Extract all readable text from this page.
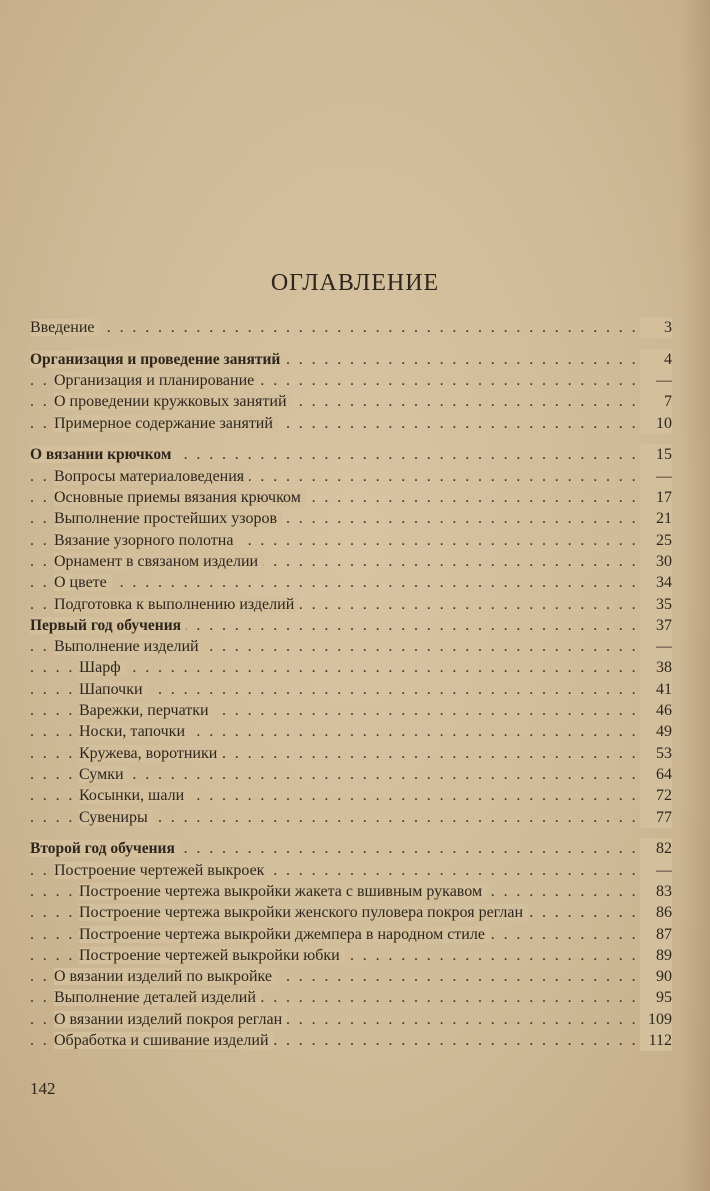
ОГЛАВЛЕНИЕ
Введение	3
. . .
Организация и проведение занятий	4
. . .
Организация и планирование	—
. . .
О проведении кружковых занятий	7
. . .
Примерное содержание занятий	10
. . .
О вязании крючком	15
. . .
Вопросы материаловедения	—
. . .
Основные приемы вязания крючком	17
. . .
Выполнение простейших узоров	21
. . .
Вязание узорного полотна	25
. . .
Орнамент в связаном изделии	30
. . .
О цвете	34
. . .
Подготовка к выполнению изделий	35
. . .
Первый год обучения	37
. . .
Выполнение изделий	—
. . .
Шарф	38
. . .
Шапочки	41
. . .
Варежки, перчатки	46
. . .
Носки, тапочки	49
. . .
Кружева, воротники	53
. . .
Сумки	64
. . .
Косынки, шали	72
. . .
Сувениры	77
. . .
Второй год обучения	82
. . .
Построение чертежей выкроек	—
. . .
Построение чертежа выкройки жакета с вшивным рукавом	83
. . .
Построение чертежа выкройки женского пуловера покроя реглан	86
. . .
Построение чертежа выкройки джемпера в народном стиле	87
. . .
Построение чертежей выкройки юбки	89
. . .
О вязании изделий по выкройке	90
. . .
Выполнение деталей изделий	95
. . .
О вязании изделий покроя реглан	109
. . .
Обработка и сшивание изделий	112
. . .
142
